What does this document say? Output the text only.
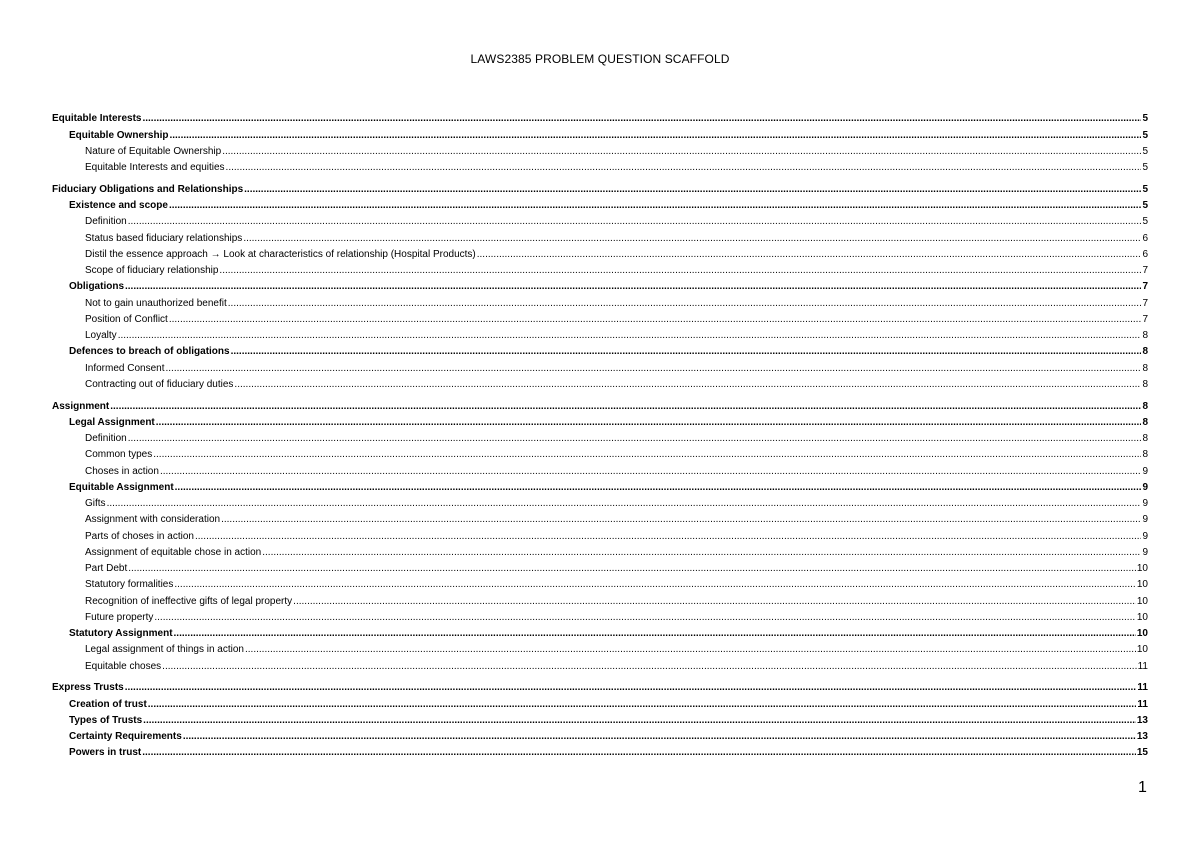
LAWS2385 PROBLEM QUESTION SCAFFOLD
Equitable Interests .....	5
Equitable Ownership .....	5
Nature of Equitable Ownership .....	5
Equitable Interests and equities .....	5
Fiduciary Obligations and Relationships .....	5
Existence and scope .....	5
Definition .....	5
Status based fiduciary relationships .....	6
Distil the essence approach → Look at characteristics of relationship (Hospital Products) .....	6
Scope of fiduciary relationship .....	7
Obligations .....	7
Not to gain unauthorized benefit .....	7
Position of Conflict .....	7
Loyalty .....	8
Defences to breach of obligations .....	8
Informed Consent .....	8
Contracting out of fiduciary duties .....	8
Assignment .....	8
Legal Assignment .....	8
Definition .....	8
Common types .....	8
Choses in action .....	9
Equitable Assignment .....	9
Gifts .....	9
Assignment with consideration .....	9
Parts of choses in action .....	9
Assignment of equitable chose in action .....	9
Part Debt .....	10
Statutory formalities .....	10
Recognition of ineffective gifts of legal property .....	10
Future property .....	10
Statutory Assignment .....	10
Legal assignment of things in action .....	10
Equitable choses .....	11
Express Trusts .....	11
Creation of trust .....	11
Types of Trusts .....	13
Certainty Requirements .....	13
Powers in trust .....	15
1
